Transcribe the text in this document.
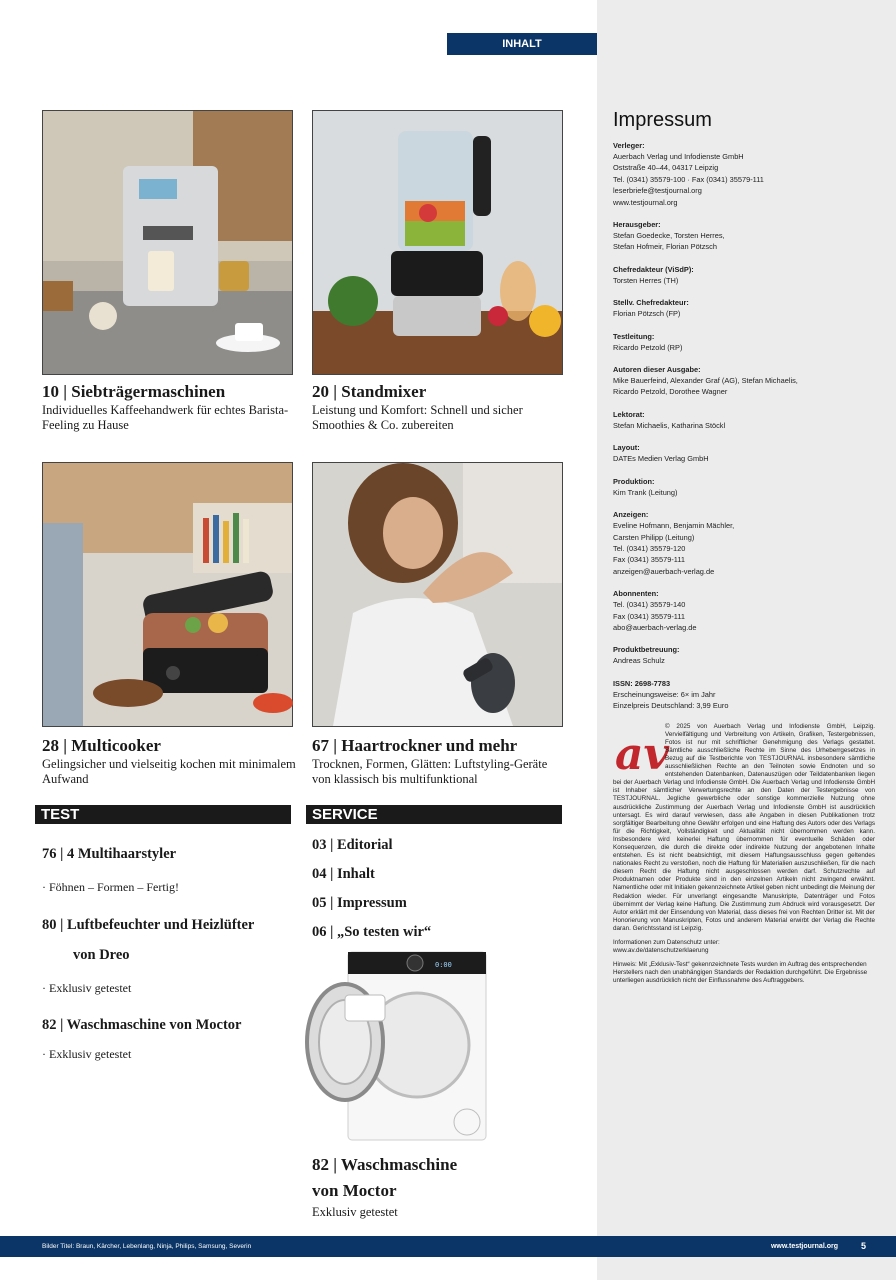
INHALT
10 | Siebträgermaschinen
Individuelles Kaffeehandwerk für echtes Barista-Feeling zu Hause
20 | Standmixer
Leistung und Komfort: Schnell und sicher Smoothies & Co. zubereiten
28 | Multicooker
Gelingsicher und vielseitig kochen mit minimalem Aufwand
67 | Haartrockner und mehr
Trocknen, Formen, Glätten: Luftstyling-Geräte von klassisch bis multifunktional
TEST
76 | 4 Multihaarstyler
· Föhnen – Formen – Fertig!
80 | Luftbefeuchter und Heizlüfter
von Dreo
· Exklusiv getestet
82 | Waschmaschine von Moctor
· Exklusiv getestet
SERVICE
03 | Editorial
04 | Inhalt
05 | Impressum
06 | „So testen wir“
0:00
82 | Waschmaschine
von Moctor
Exklusiv getestet
Impressum
Verleger:
Auerbach Verlag und Infodienste GmbH
Oststraße 40–44, 04317 Leipzig
Tel. (0341) 35579-100 · Fax (0341) 35579-111
leserbriefe@testjournal.org
www.testjournal.org
Herausgeber:
Stefan Goedecke, Torsten Herres,
Stefan Hofmeir, Florian Pötzsch
Chefredakteur (ViSdP):
Torsten Herres (TH)
Stellv. Chefredakteur:
Florian Pötzsch (FP)
Testleitung:
Ricardo Petzold (RP)
Autoren dieser Ausgabe:
Mike Bauerfeind, Alexander Graf (AG), Stefan Michaelis,
Ricardo Petzold, Dorothee Wagner
Lektorat:
Stefan Michaelis, Katharina Stöckl
Layout:
DATEs Medien Verlag GmbH
Produktion:
Kim Trank (Leitung)
Anzeigen:
Eveline Hofmann, Benjamin Mächler,
Carsten Philipp (Leitung)
Tel. (0341) 35579-120
Fax (0341) 35579-111
anzeigen@auerbach-verlag.de
Abonnenten:
Tel. (0341) 35579-140
Fax (0341) 35579-111
abo@auerbach-verlag.de
Produktbetreuung:
Andreas Schulz
ISSN: 2698-7783
Erscheinungsweise: 6× im Jahr
Einzelpreis Deutschland: 3,99 Euro
av
© 2025 von Auerbach Verlag und Infodienste GmbH, Leipzig. Vervielfältigung und Verbreitung von Artikeln, Grafiken, Testergebnissen, Fotos ist nur mit schriftlicher Genehmigung des Verlags gestattet. Sämtliche ausschließliche Rechte im Sinne des Urheberrgesetzes in Bezug auf die Testberichte von TESTJOURNAL insbesondere sämtliche ausschließlichen Rechte an den Teilnoten sowie Endnoten und so entstehenden Datenbanken, Datenauszügen oder Teildatenbanken liegen bei der Auerbach Verlag und Infodienste GmbH. Die Auerbach Verlag und Infodienste GmbH ist Inhaber sämtlicher Verwertungsrechte an den Daten der Testergebnisse von TESTJOURNAL. Jegliche gewerbliche oder sonstige kommerzielle Nutzung ohne ausdrückliche Zustimmung der Auerbach Verlag und Infodienste GmbH ist ausdrücklich untersagt. Es wird darauf verwiesen, dass alle Angaben in diesen Publikationen trotz sorgfältiger Bearbeitung ohne Gewähr erfolgen und eine Haftung des Autors oder des Verlags für die Richtigkeit, Vollständigkeit und Aktualität nicht übernommen werden kann. Insbesondere wird keinerlei Haftung übernommen für eventuelle Schäden oder Konsequenzen, die durch die direkte oder indirekte Nutzung der angebotenen Inhalte entstehen. Es ist nicht beabsichtigt, mit diesem Haftungsausschluss gegen geltendes nationales Recht zu verstoßen, noch die Haftung für Materialien auszuschließen, für die nach diesem Recht die Haftung nicht ausgeschlossen werden darf. Schutzrechte auf Produktnamen oder Produkte sind in den einzelnen Artikeln nicht zwingend erwähnt. Namentliche oder mit Initialen gekennzeichnete Artikel geben nicht unbedingt die Meinung der Redaktion wieder. Für unverlangt eingesandte Manuskripte, Datenträger und Fotos übernimmt der Verlag keine Haftung. Die Zustimmung zum Abdruck wird vorausgesetzt. Der Autor erklärt mit der Einsendung von Material, dass dieses frei von Rechten Dritter ist. Mit der Honorierung von Manuskripten, Fotos und anderem Material erwirbt der Verlag die Rechte daran. Gerichtsstand ist Leipzig.
Informationen zum Datenschutz unter:
www.av.de/datenschutzerklaerung
Hinweis: Mit „Exklusiv-Test“ gekennzeichnete Tests wurden im Auftrag des entsprechenden Herstellers nach den unabhängigen Standards der Redaktion durchgeführt. Die Ergebnisse unterliegen ausdrücklich nicht der Einflussnahme des Auftraggebers.
Bilder Titel: Braun, Kärcher, Lebenlang, Ninja, Philips, Samsung, Severin	www.testjournal.org	5
